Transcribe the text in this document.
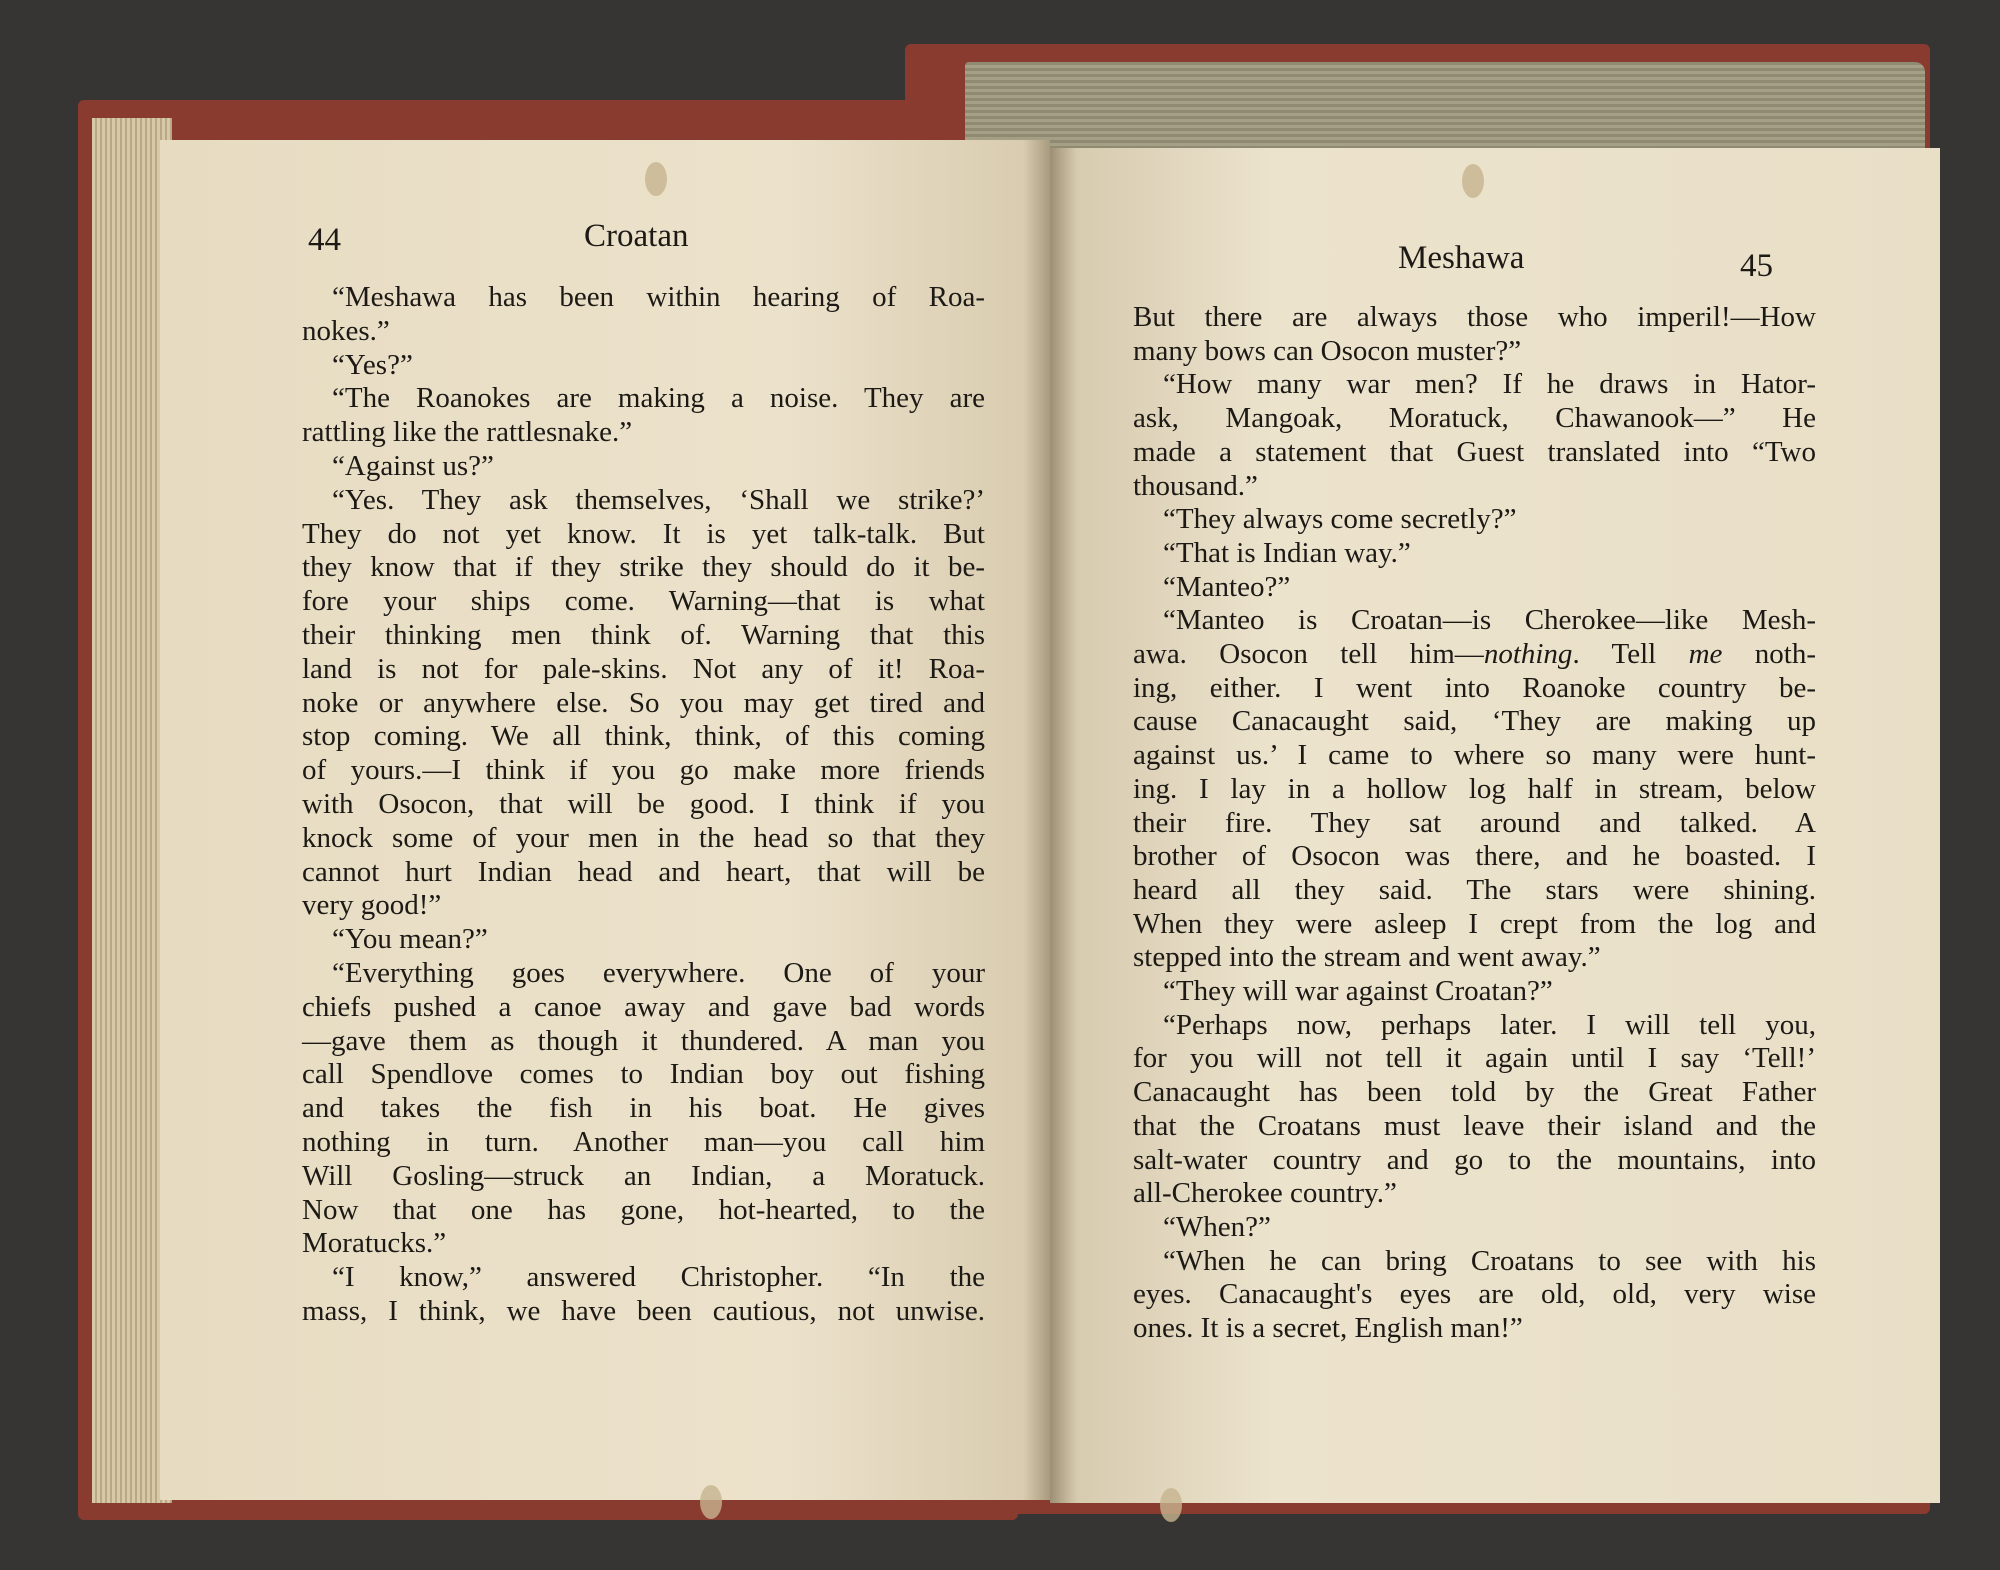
44	Croatan
“Meshawa has been within hearing of Roa-
nokes.”
“Yes?”
“The Roanokes are making a noise. They are
rattling like the rattlesnake.”
“Against us?”
“Yes. They ask themselves, ‘Shall we strike?’
They do not yet know. It is yet talk-talk. But
they know that if they strike they should do it be-
fore your ships come. Warning—that is what
their thinking men think of. Warning that this
land is not for pale-skins. Not any of it! Roa-
noke or anywhere else. So you may get tired and
stop coming. We all think, think, of this coming
of yours.—I think if you go make more friends
with Osocon, that will be good. I think if you
knock some of your men in the head so that they
cannot hurt Indian head and heart, that will be
very good!”
“You mean?”
“Everything goes everywhere. One of your
chiefs pushed a canoe away and gave bad words
—gave them as though it thundered. A man you
call Spendlove comes to Indian boy out fishing
and takes the fish in his boat. He gives
nothing in turn. Another man—you call him
Will Gosling—struck an Indian, a Moratuck.
Now that one has gone, hot-hearted, to the
Moratucks.”
“I know,” answered Christopher. “In the
mass, I think, we have been cautious, not unwise.
Meshawa	45
But there are always those who imperil!—How
many bows can Osocon muster?”
“How many war men? If he draws in Hator-
ask, Mangoak, Moratuck, Chawanook—” He
made a statement that Guest translated into “Two
thousand.”
“They always come secretly?”
“That is Indian way.”
“Manteo?”
“Manteo is Croatan—is Cherokee—like Mesh-
awa. Osocon tell him—nothing. Tell me noth-
ing, either. I went into Roanoke country be-
cause Canacaught said, ‘They are making up
against us.’ I came to where so many were hunt-
ing. I lay in a hollow log half in stream, below
their fire. They sat around and talked. A
brother of Osocon was there, and he boasted. I
heard all they said. The stars were shining.
When they were asleep I crept from the log and
stepped into the stream and went away.”
“They will war against Croatan?”
“Perhaps now, perhaps later. I will tell you,
for you will not tell it again until I say ‘Tell!’
Canacaught has been told by the Great Father
that the Croatans must leave their island and the
salt-water country and go to the mountains, into
all-Cherokee country.”
“When?”
“When he can bring Croatans to see with his
eyes. Canacaught's eyes are old, old, very wise
ones. It is a secret, English man!”
